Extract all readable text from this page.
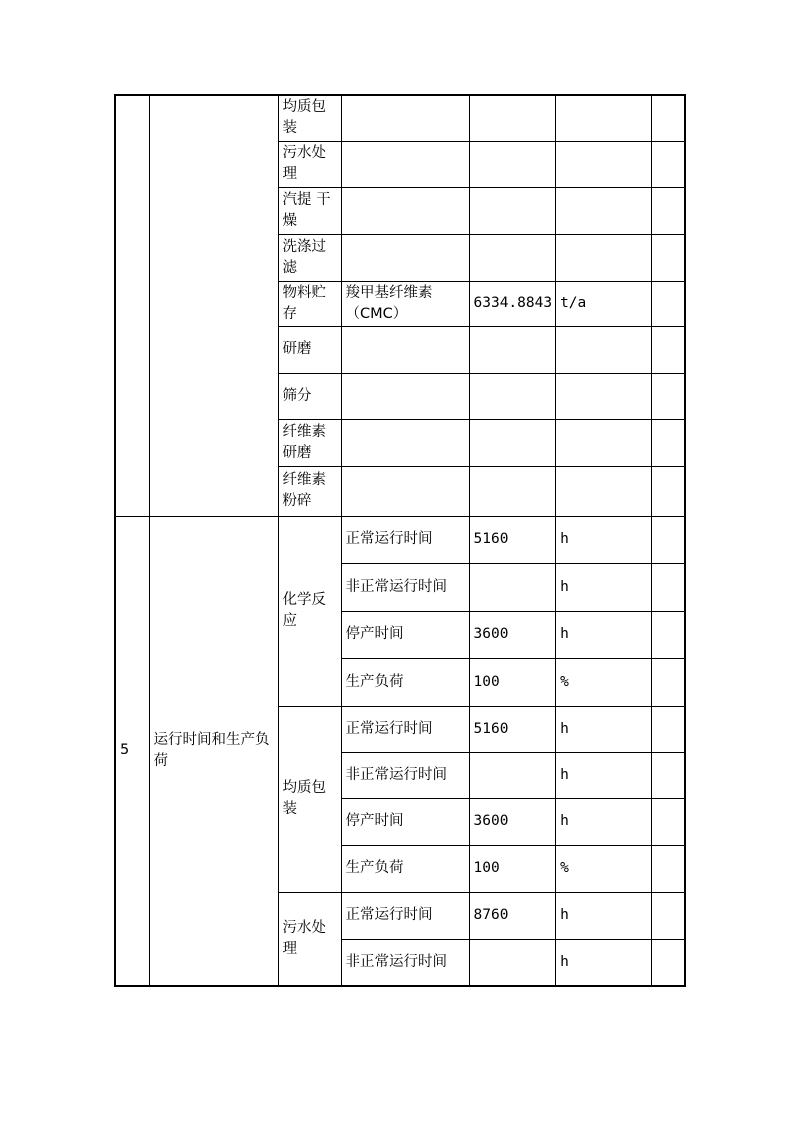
		均质包装				
		污水处理				
		汽提 干燥				
		洗涤过滤				
		物料贮存	羧甲基纤维素（CMC）	6334.8843	t/a	
		研磨				
		筛分				
		纤维素研磨				
		纤维素粉碎				
5	运行时间和生产负荷	化学反应	正常运行时间	5160	h	
			非正常运行时间		h	
			停产时间	3600	h	
			生产负荷	100	%	
		均质包装	正常运行时间	5160	h	
			非正常运行时间		h	
			停产时间	3600	h	
			生产负荷	100	%	
		污水处理	正常运行时间	8760	h	
			非正常运行时间		h	
